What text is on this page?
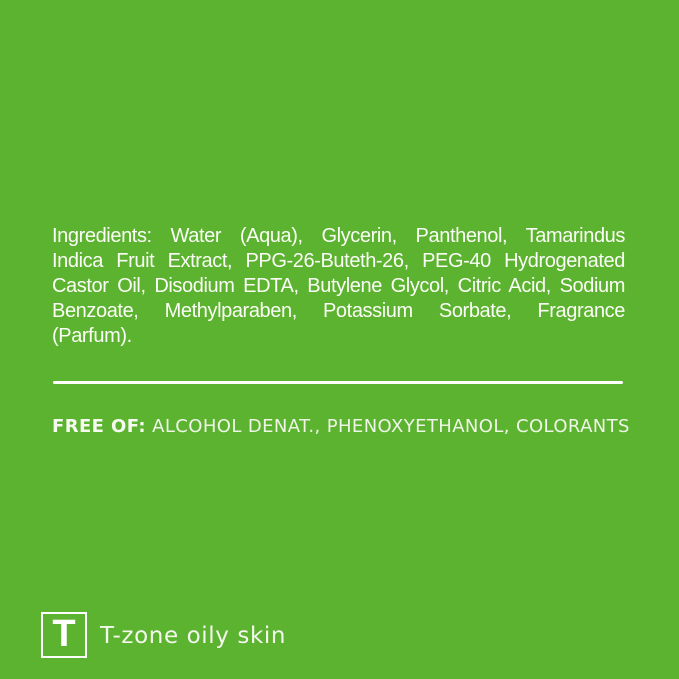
Ingredients: Water (Aqua), Glycerin, Panthenol, Tamarindus
Indica Fruit Extract, PPG-26-Buteth-26, PEG-40 Hydrogenated
Castor Oil, Disodium EDTA, Butylene Glycol, Citric Acid, Sodium
Benzoate, Methylparaben, Potassium Sorbate, Fragrance
(Parfum).
FREE OF: ALCOHOL DENAT., PHENOXYETHANOL, COLORANTS
T T-zone oily skin
